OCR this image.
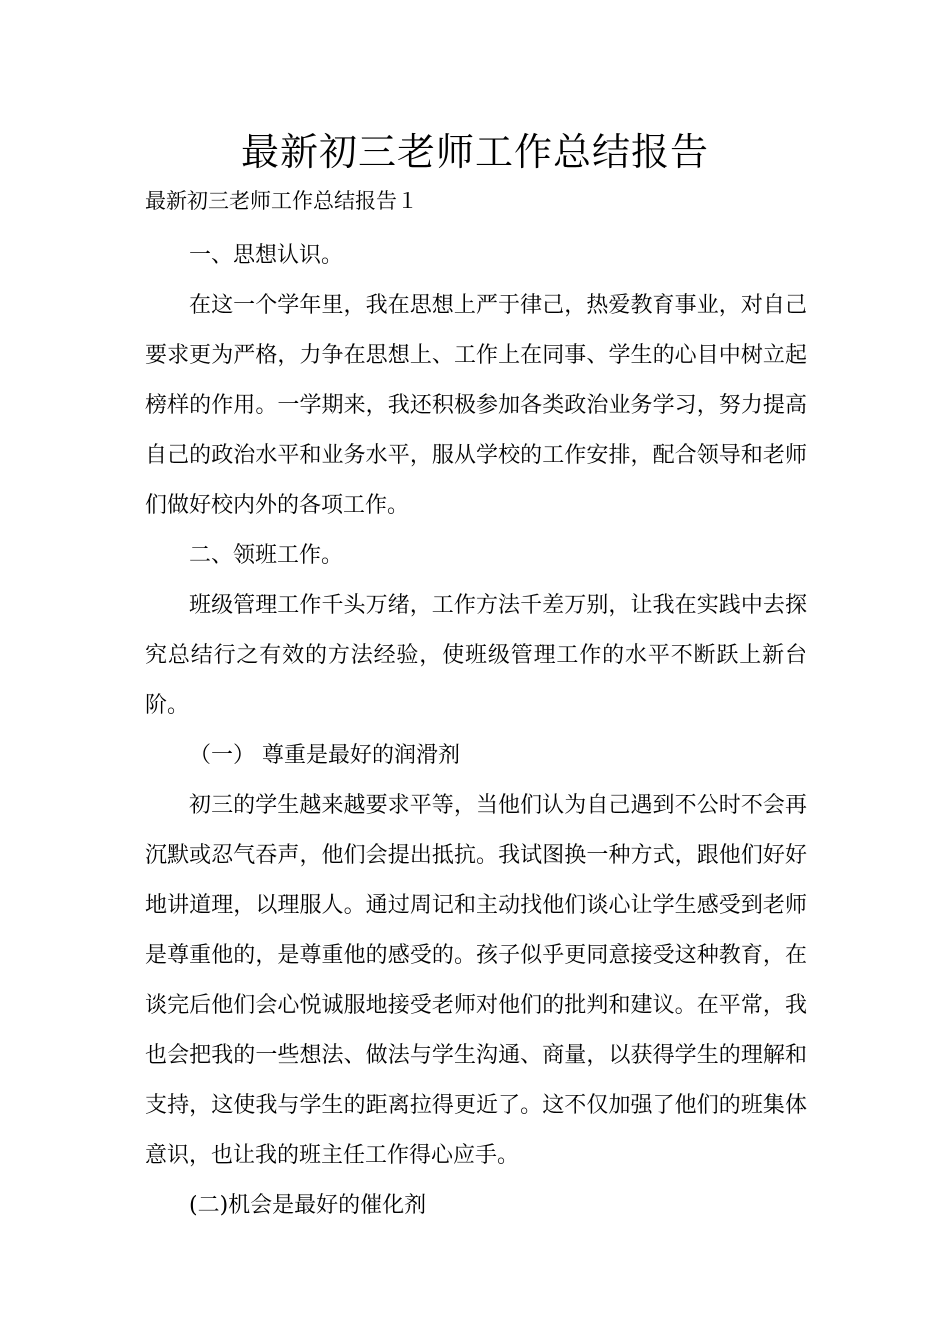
最新初三老师工作总结报告
最新初三老师工作总结报告１

一、思想认识。

在这一个学年里，我在思想上严于律己，热爱教育事业，对自己要求更为严格，力争在思想上、工作上在同事、学生的心目中树立起榜样的作用。一学期来，我还积极参加各类政治业务学习，努力提高自己的政治水平和业务水平，服从学校的工作安排，配合领导和老师们做好校内外的各项工作。

二、领班工作。

班级管理工作千头万绪，工作方法千差万别，让我在实践中去探究总结行之有效的方法经验，使班级管理工作的水平不断跃上新台阶。

（一） 尊重是最好的润滑剂

初三的学生越来越要求平等，当他们认为自己遇到不公时不会再沉默或忍气吞声，他们会提出抵抗。我试图换一种方式，跟他们好好地讲道理，以理服人。通过周记和主动找他们谈心让学生感受到老师是尊重他的，是尊重他的感受的。孩子似乎更同意接受这种教育，在谈完后他们会心悦诚服地接受老师对他们的批判和建议。在平常，我也会把我的一些想法、做法与学生沟通、商量，以获得学生的理解和支持，这使我与学生的距离拉得更近了。这不仅加强了他们的班集体意识，也让我的班主任工作得心应手。

(二)机会是最好的催化剂
